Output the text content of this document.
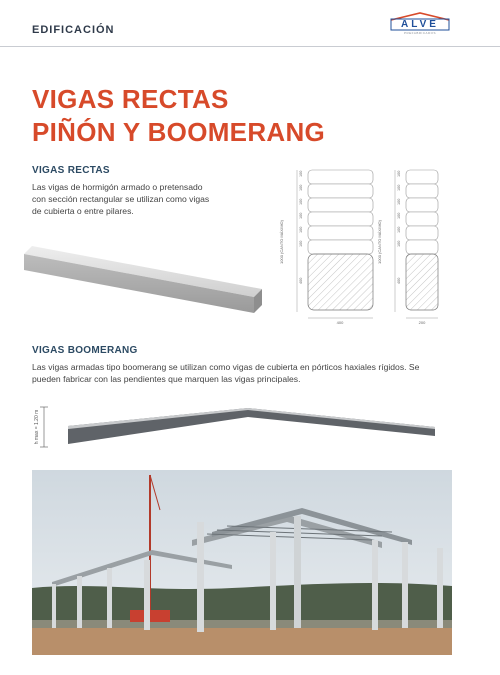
EDIFICACIÓN	ALVE
PREFABRICADOS
VIGAS RECTAS
PIÑÓN Y BOOMERANG
VIGAS RECTAS
Las vigas de hormigón armado o pretensado
con sección rectangular se utilizan como vigas
de cubierta o entre pilares.
1000 (CANTO MÁXIMO)
100
100
100
100
100
100
400
400
1000 (CANTO MÁXIMO)
100
100
100
100
100
100
400
200
VIGAS BOOMERANG
Las vigas armadas tipo boomerang se utilizan como vigas de cubierta en pórticos haxiales rígidos. Se
pueden fabricar con las pendientes que marquen las vigas principales.
h max = 1.20 m
